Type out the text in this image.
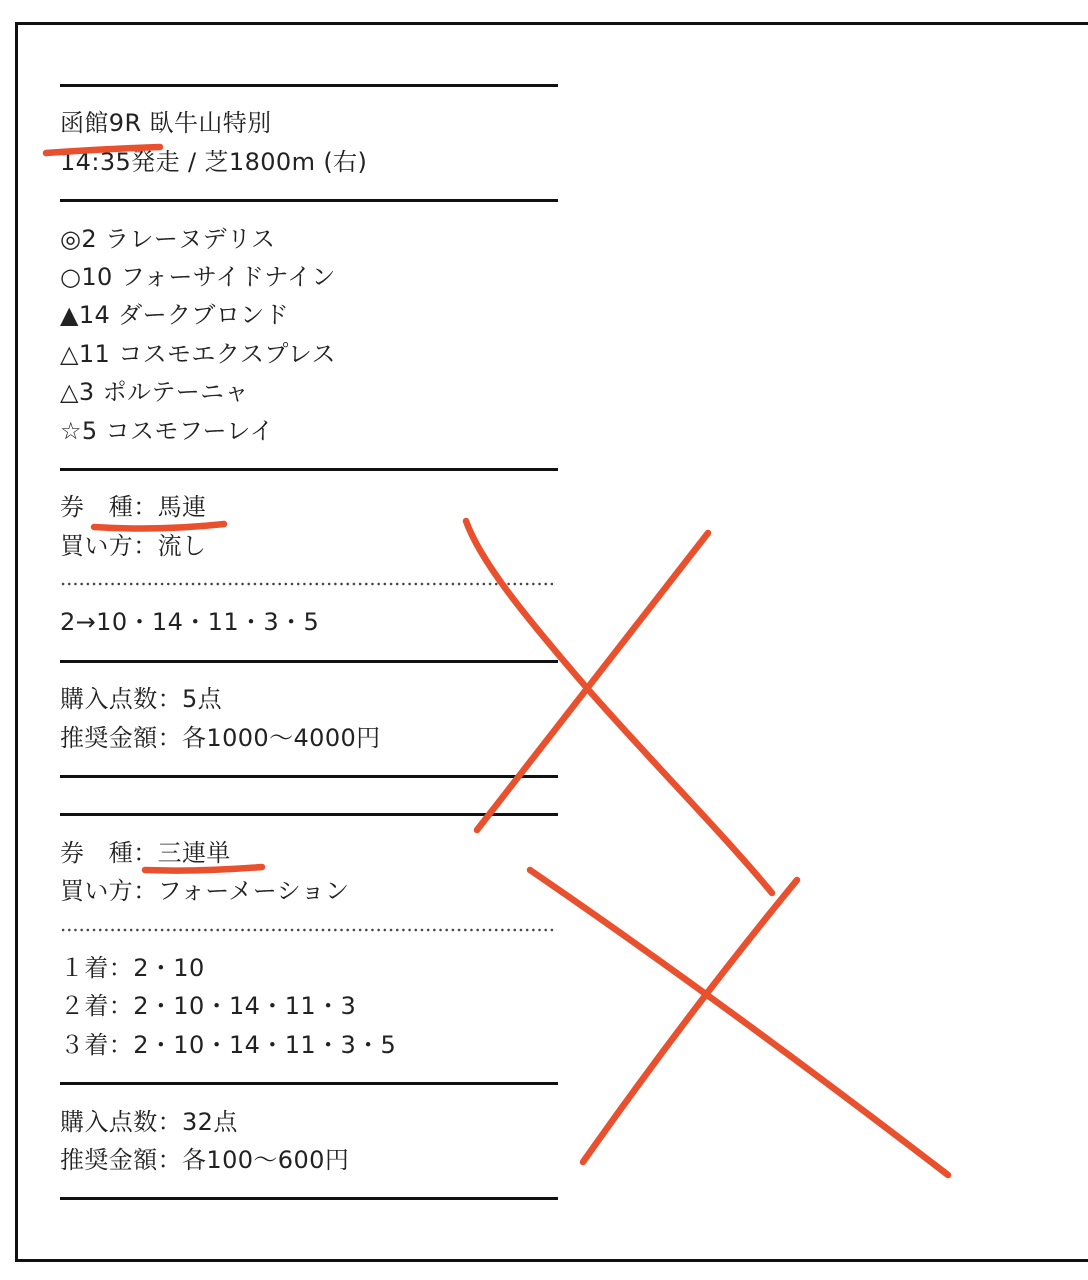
函館9R 臥牛山特別
14:35発走 / 芝1800m (右)
◎2 ラレーヌデリス
○10 フォーサイドナイン
▲14 ダークブロンド
△11 コスモエクスプレス
△3 ポルテーニャ
☆5 コスモフーレイ
券　種：馬連
買い方：流し
2→10・14・11・3・5
購入点数：5点
推奨金額：各1000〜4000円
券　種：三連単
買い方：フォーメーション
１着：2・10
２着：2・10・14・11・3
３着：2・10・14・11・3・5
購入点数：32点
推奨金額：各100〜600円
